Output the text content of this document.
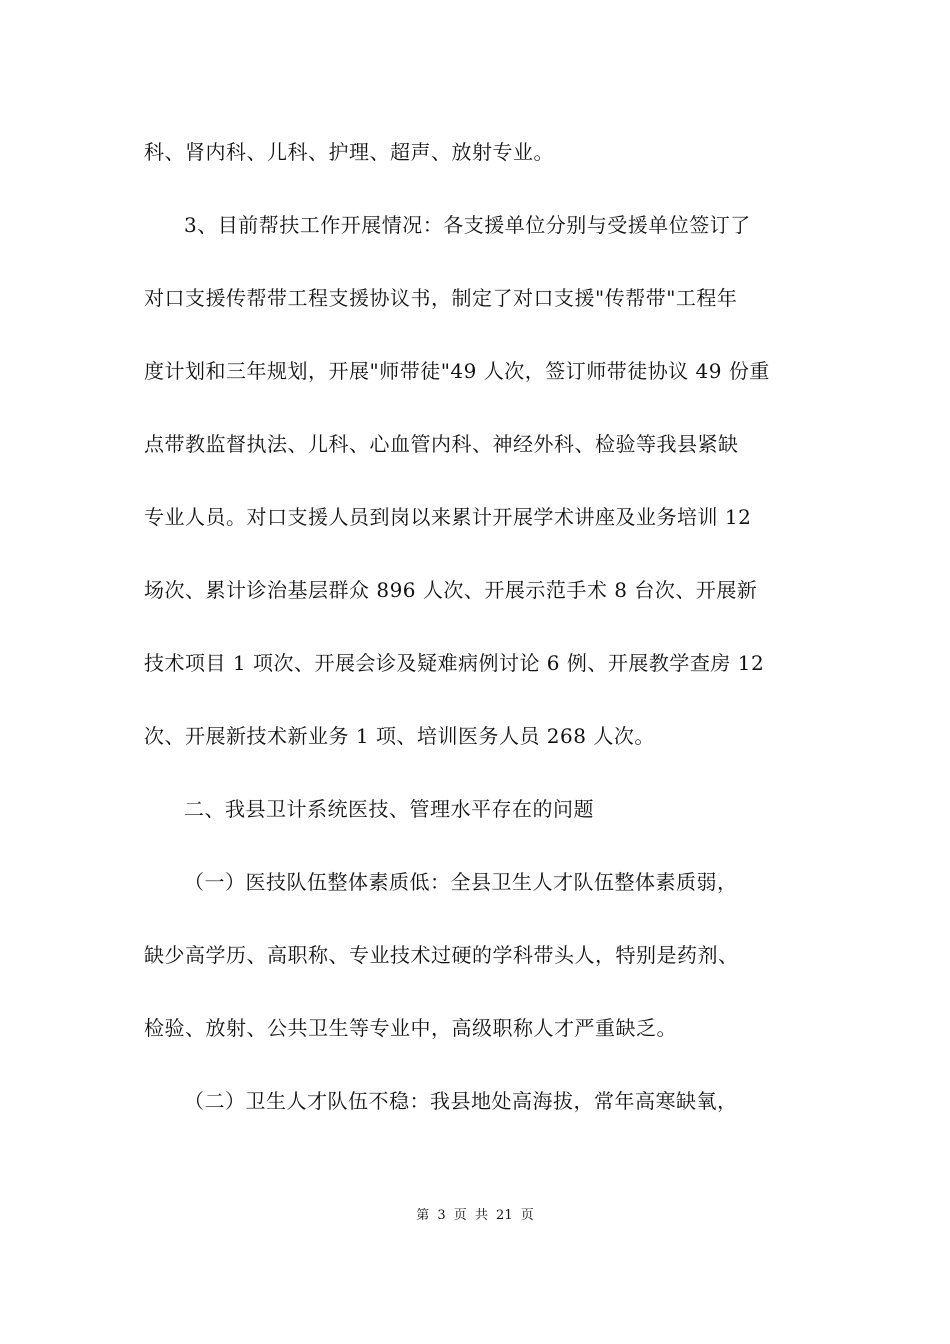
科、肾内科、儿科、护理、超声、放射专业。
3、目前帮扶工作开展情况：各支援单位分别与受援单位签订了
对口支援传帮带工程支援协议书，制定了对口支援"传帮带"工程年
度计划和三年规划，开展"师带徒"49 人次，签订师带徒协议 49 份重
点带教监督执法、儿科、心血管内科、神经外科、检验等我县紧缺
专业人员。对口支援人员到岗以来累计开展学术讲座及业务培训 12
场次、累计诊治基层群众 896 人次、开展示范手术 8 台次、开展新
技术项目 1 项次、开展会诊及疑难病例讨论 6 例、开展教学查房 12
次、开展新技术新业务 1 项、培训医务人员 268 人次。
二、我县卫计系统医技、管理水平存在的问题
（一）医技队伍整体素质低：全县卫生人才队伍整体素质弱，
缺少高学历、高职称、专业技术过硬的学科带头人，特别是药剂、
检验、放射、公共卫生等专业中，高级职称人才严重缺乏。
（二）卫生人才队伍不稳：我县地处高海拔，常年高寒缺氧，
第 3 页 共 21 页
